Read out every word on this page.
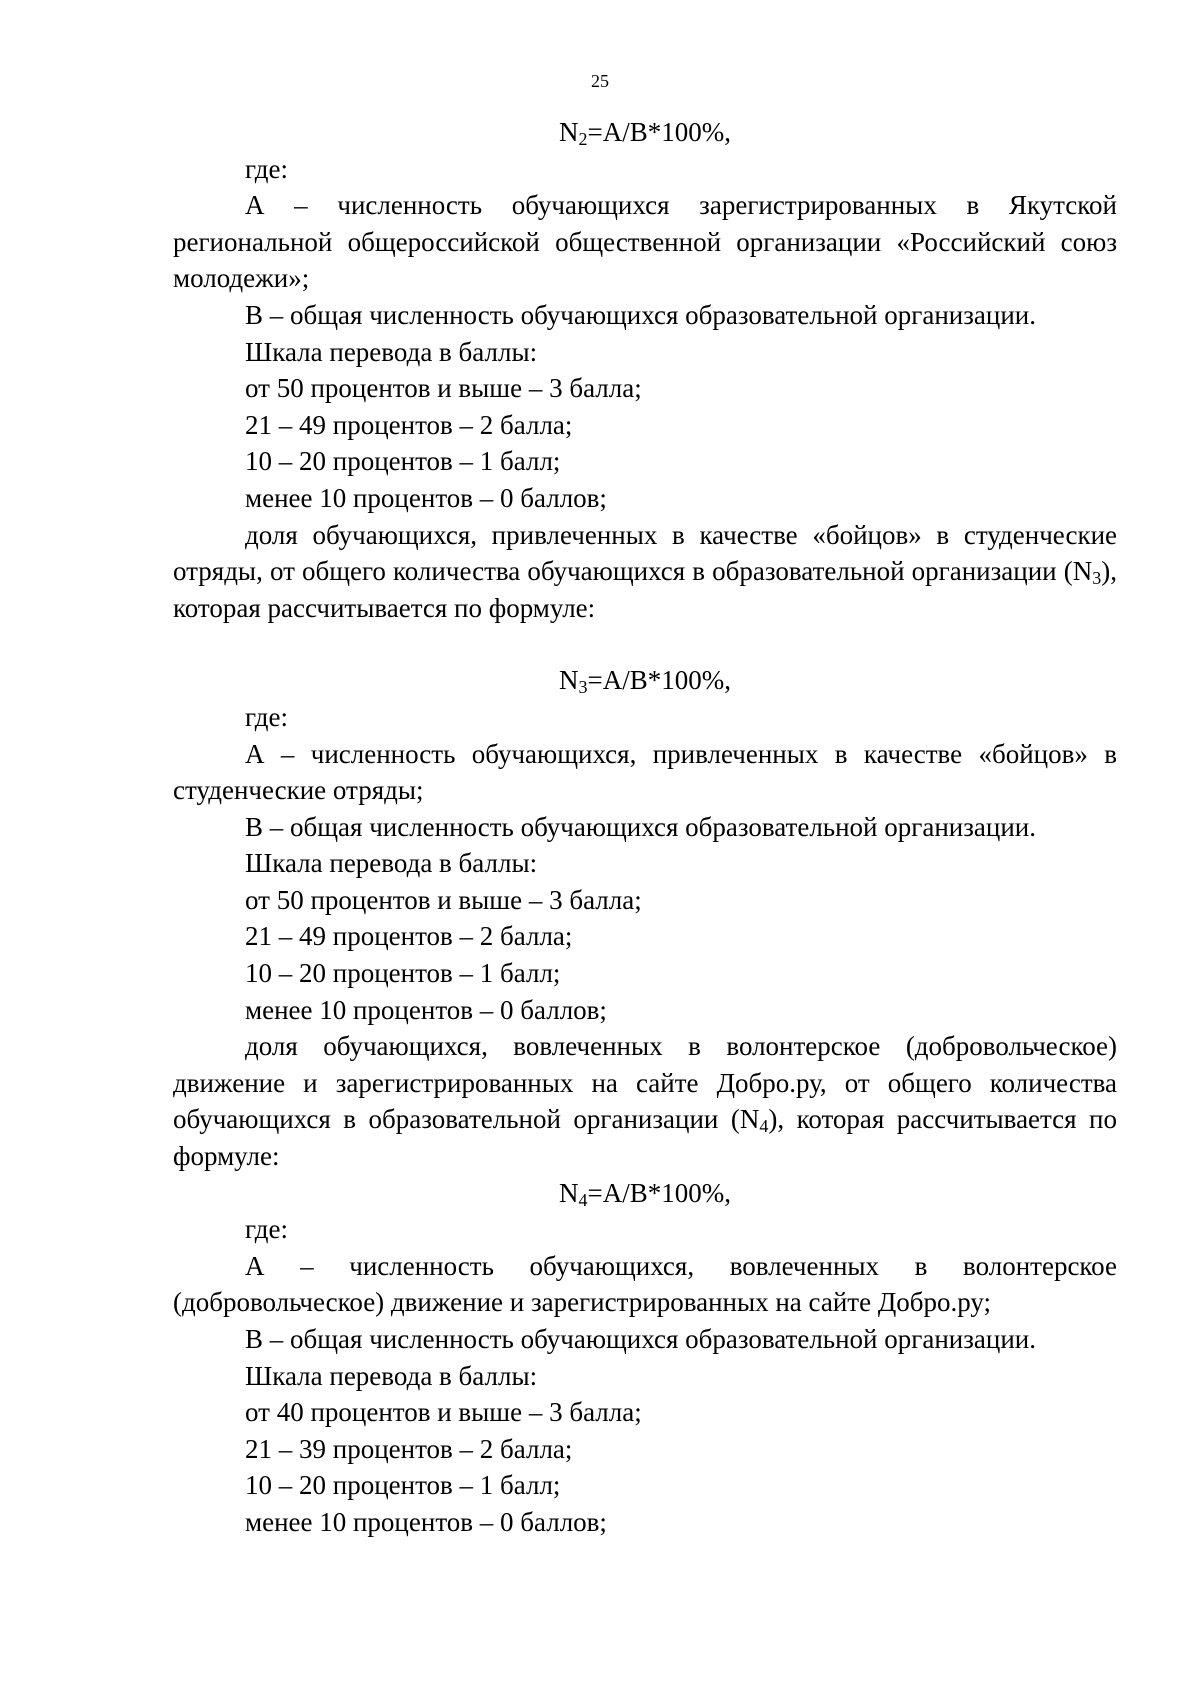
25

$N_2=A/B*100\%$,

где:

А – численность обучающихся зарегистрированных в Якутской региональной общероссийской общественной организации «Российский союз молодежи»;

В – общая численность обучающихся образовательной организации.

Шкала перевода в баллы:

от 50 процентов и выше – 3 балла;

21 – 49 процентов – 2 балла;

10 – 20 процентов – 1 балл;

менее 10 процентов – 0 баллов;

доля обучающихся, привлеченных в качестве «бойцов» в студенческие отряды, от общего количества обучающихся в образовательной организации $(N_3)$, которая рассчитывается по формуле:

$N_3=A/B*100\%$,

где:

А – численность обучающихся, привлеченных в качестве «бойцов» в студенческие отряды;

В – общая численность обучающихся образовательной организации.

Шкала перевода в баллы:

от 50 процентов и выше – 3 балла;

21 – 49 процентов – 2 балла;

10 – 20 процентов – 1 балл;

менее 10 процентов – 0 баллов;

доля обучающихся, вовлеченных в волонтерское (добровольческое) движение и зарегистрированных на сайте Добро.ру, от общего количества обучающихся в образовательной организации $(N_4)$, которая рассчитывается по формуле:

$N_4=A/B*100\%$,

где:

А – численность обучающихся, вовлеченных в волонтерское (добровольческое) движение и зарегистрированных на сайте Добро.ру;

В – общая численность обучающихся образовательной организации.

Шкала перевода в баллы:

от 40 процентов и выше – 3 балла;

21 – 39 процентов – 2 балла;

10 – 20 процентов – 1 балл;

менее 10 процентов – 0 баллов;
